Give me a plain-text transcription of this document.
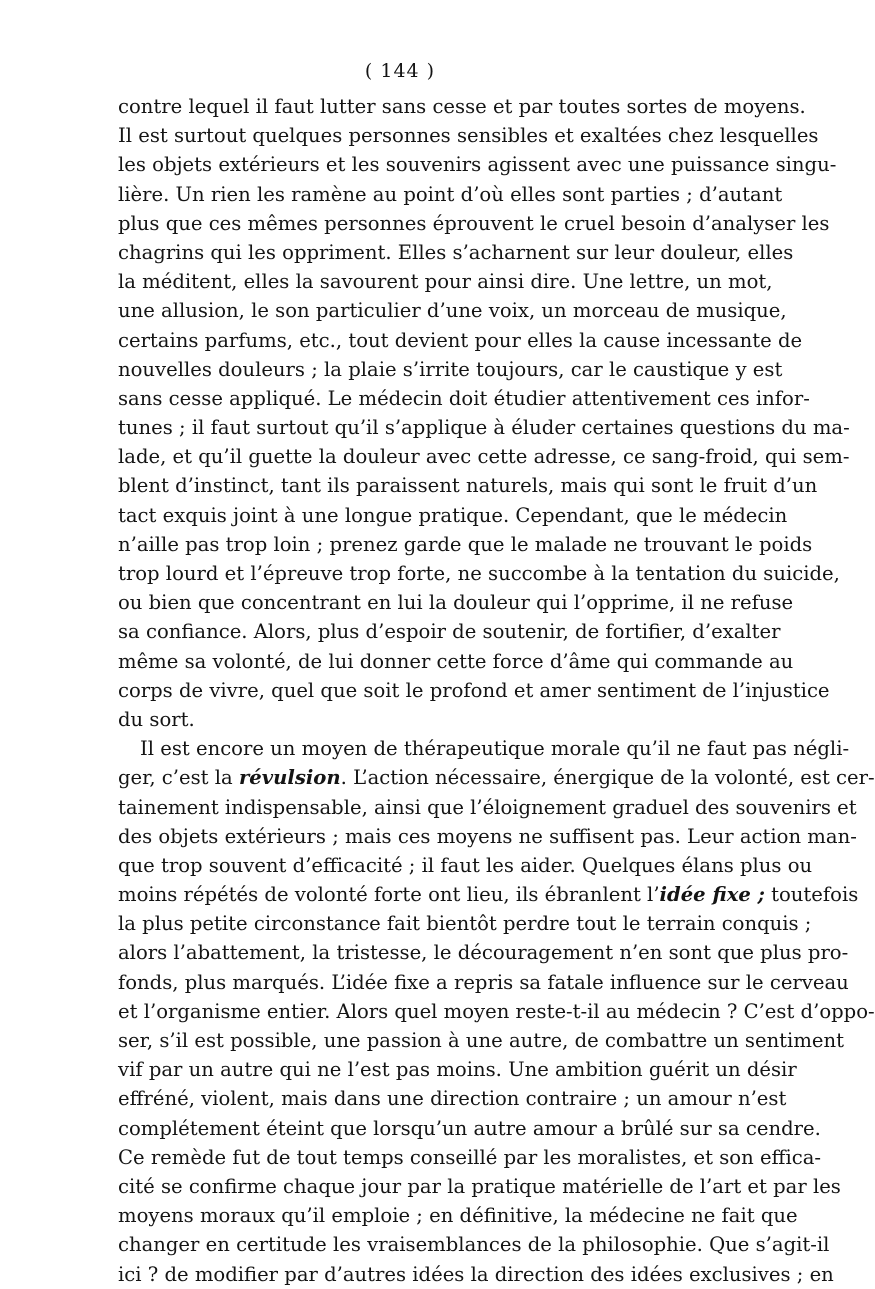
( 144 )
contre lequel il faut lutter sans cesse et par toutes sortes de moyens.
Il est surtout quelques personnes sensibles et exaltées chez lesquelles
les objets extérieurs et les souvenirs agissent avec une puissance singu-
lière. Un rien les ramène au point d’où elles sont parties ; d’autant
plus que ces mêmes personnes éprouvent le cruel besoin d’analyser les
chagrins qui les oppriment. Elles s’acharnent sur leur douleur, elles
la méditent, elles la savourent pour ainsi dire. Une lettre, un mot,
une allusion, le son particulier d’une voix, un morceau de musique,
certains parfums, etc., tout devient pour elles la cause incessante de
nouvelles douleurs ; la plaie s’irrite toujours, car le caustique y est
sans cesse appliqué. Le médecin doit étudier attentivement ces infor-
tunes ; il faut surtout qu’il s’applique à éluder certaines questions du ma-
lade, et qu’il guette la douleur avec cette adresse, ce sang-froid, qui sem-
blent d’instinct, tant ils paraissent naturels, mais qui sont le fruit d’un
tact exquis joint à une longue pratique. Cependant, que le médecin
n’aille pas trop loin ; prenez garde que le malade ne trouvant le poids
trop lourd et l’épreuve trop forte, ne succombe à la tentation du suicide,
ou bien que concentrant en lui la douleur qui l’opprime, il ne refuse
sa confiance. Alors, plus d’espoir de soutenir, de fortifier, d’exalter
même sa volonté, de lui donner cette force d’âme qui commande au
corps de vivre, quel que soit le profond et amer sentiment de l’injustice
du sort.
Il est encore un moyen de thérapeutique morale qu’il ne faut pas négli-
ger, c’est la révulsion. L’action nécessaire, énergique de la volonté, est cer-
tainement indispensable, ainsi que l’éloignement graduel des souvenirs et
des objets extérieurs ; mais ces moyens ne suffisent pas. Leur action man-
que trop souvent d’efficacité ; il faut les aider. Quelques élans plus ou
moins répétés de volonté forte ont lieu, ils ébranlent l’idée fixe ; toutefois
la plus petite circonstance fait bientôt perdre tout le terrain conquis ;
alors l’abattement, la tristesse, le découragement n’en sont que plus pro-
fonds, plus marqués. L’idée fixe a repris sa fatale influence sur le cerveau
et l’organisme entier. Alors quel moyen reste-t-il au médecin ? C’est d’oppo-
ser, s’il est possible, une passion à une autre, de combattre un sentiment
vif par un autre qui ne l’est pas moins. Une ambition guérit un désir
effréné, violent, mais dans une direction contraire ; un amour n’est
complétement éteint que lorsqu’un autre amour a brûlé sur sa cendre.
Ce remède fut de tout temps conseillé par les moralistes, et son effica-
cité se confirme chaque jour par la pratique matérielle de l’art et par les
moyens moraux qu’il emploie ; en définitive, la médecine ne fait que
changer en certitude les vraisemblances de la philosophie. Que s’agit-il
ici ? de modifier par d’autres idées la direction des idées exclusives ; en
